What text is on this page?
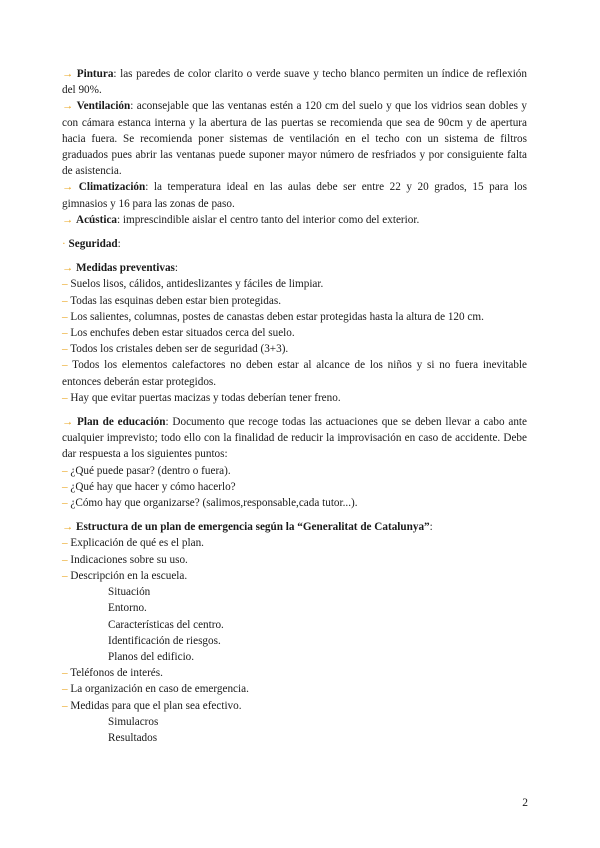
→ Pintura: las paredes de color clarito o verde suave y techo blanco permiten un índice de reflexión del 90%.

→ Ventilación: aconsejable que las ventanas estén a 120 cm del suelo y que los vidrios sean dobles y con cámara estanca interna y la abertura de las puertas se recomienda que sea de 90cm y de apertura hacia fuera. Se recomienda poner sistemas de ventilación en el techo con un sistema de filtros graduados pues abrir las ventanas puede suponer mayor número de resfriados y por consiguiente falta de asistencia.

→ Climatización: la temperatura ideal en las aulas debe ser entre 22 y 20 grados, 15 para los gimnasios y 16 para las zonas de paso.

→ Acústica: imprescindible aislar el centro tanto del interior como del exterior.

· Seguridad:

→ Medidas preventivas:

– Suelos lisos, cálidos, antideslizantes y fáciles de limpiar.

– Todas las esquinas deben estar bien protegidas.

– Los salientes, columnas, postes de canastas deben estar protegidas hasta la altura de 120 cm.

– Los enchufes deben estar situados cerca del suelo.

– Todos los cristales deben ser de seguridad (3+3).

– Todos los elementos calefactores no deben estar al alcance de los niños y si no fuera inevitable entonces deberán estar protegidos.

– Hay que evitar puertas macizas y todas deberían tener freno.

→ Plan de educación: Documento que recoge todas las actuaciones que se deben llevar a cabo ante cualquier imprevisto; todo ello con la finalidad de reducir la improvisación en caso de accidente. Debe dar respuesta a los siguientes puntos:

– ¿Qué puede pasar? (dentro o fuera).

– ¿Qué hay que hacer y cómo hacerlo?

– ¿Cómo hay que organizarse? (salimos,responsable,cada tutor...).

→ Estructura de un plan de emergencia según la “Generalitat de Catalunya”:

– Explicación de qué es el plan.

– Indicaciones sobre su uso.

– Descripción en la escuela.

Situación

Entorno.

Características del centro.

Identificación de riesgos.

Planos del edificio.

– Teléfonos de interés.

– La organización en caso de emergencia.

– Medidas para que el plan sea efectivo.

Simulacros

Resultados

2
